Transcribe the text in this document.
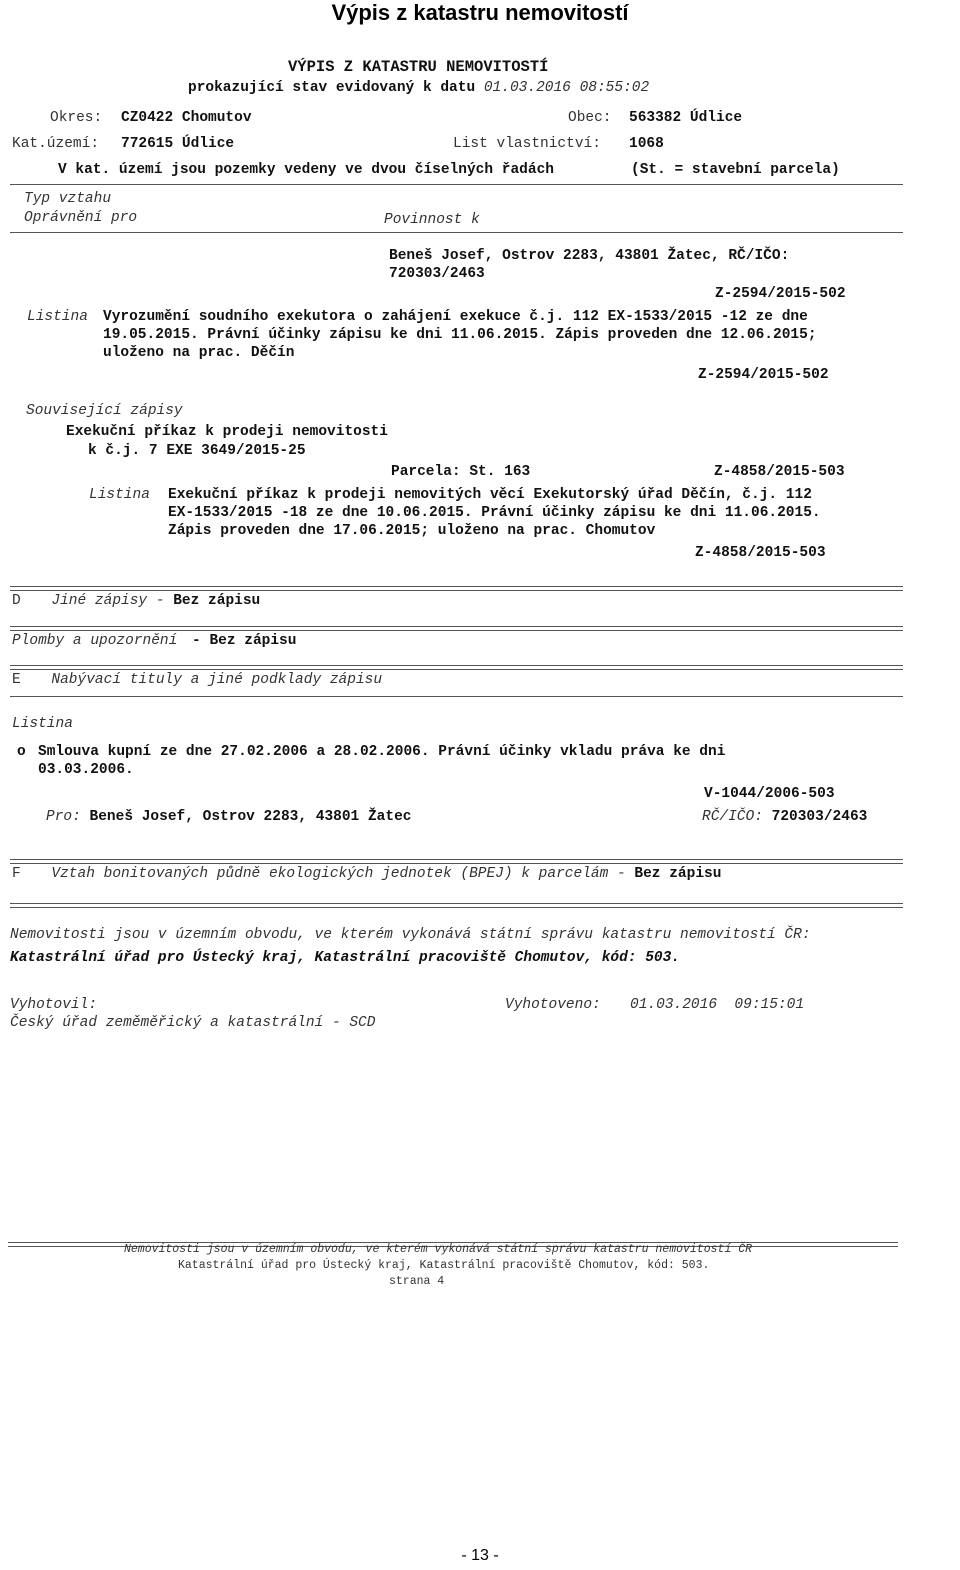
Výpis z katastru nemovitostí
VÝPIS Z KATASTRU NEMOVITOSTÍ
prokazující stav evidovaný k datu 01.03.2016 08:55:02
Okres: CZ0422 Chomutov	Obec: 563382 Údlice
Kat.území: 772615 Údlice	List vlastnictví: 1068
V kat. území jsou pozemky vedeny ve dvou číselných řadách	(St. = stavební parcela)
Typ vztahu
Oprávnění pro	Povinnost k
Beneš Josef, Ostrov 2283, 43801 Žatec, RČ/IČO:
720303/2463
Z-2594/2015-502
Listina Vyrozumění soudního exekutora o zahájení exekuce č.j. 112 EX-1533/2015 -12 ze dne
19.05.2015. Právní účinky zápisu ke dni 11.06.2015. Zápis proveden dne 12.06.2015;
uloženo na prac. Děčín
Z-2594/2015-502
Související zápisy
Exekuční příkaz k prodeji nemovitosti
k č.j. 7 EXE 3649/2015-25
Parcela: St. 163	Z-4858/2015-503
Listina Exekuční příkaz k prodeji nemovitých věcí Exekutorský úřad Děčín, č.j. 112
EX-1533/2015 -18 ze dne 10.06.2015. Právní účinky zápisu ke dni 11.06.2015.
Zápis proveden dne 17.06.2015; uloženo na prac. Chomutov
Z-4858/2015-503
D Jiné zápisy - Bez zápisu
Plomby a upozornění - Bez zápisu
E Nabývací tituly a jiné podklady zápisu
Listina
o Smlouva kupní ze dne 27.02.2006 a 28.02.2006. Právní účinky vkladu práva ke dni
03.03.2006.
V-1044/2006-503
Pro: Beneš Josef, Ostrov 2283, 43801 Žatec	RČ/IČO: 720303/2463
F Vztah bonitovaných půdně ekologických jednotek (BPEJ) k parcelám - Bez zápisu
Nemovitosti jsou v územním obvodu, ve kterém vykonává státní správu katastru nemovitostí ČR:
Katastrální úřad pro Ústecký kraj, Katastrální pracoviště Chomutov, kód: 503.
Vyhotovil:
Český úřad zeměměřický a katastrální - SCD
Vyhotoveno: 01.03.2016  09:15:01
Nemovitosti jsou v územním obvodu, ve kterém vykonává státní správu katastru nemovitostí ČR
Katastrální úřad pro Ústecký kraj, Katastrální pracoviště Chomutov, kód: 503.
strana 4
- 13 -
